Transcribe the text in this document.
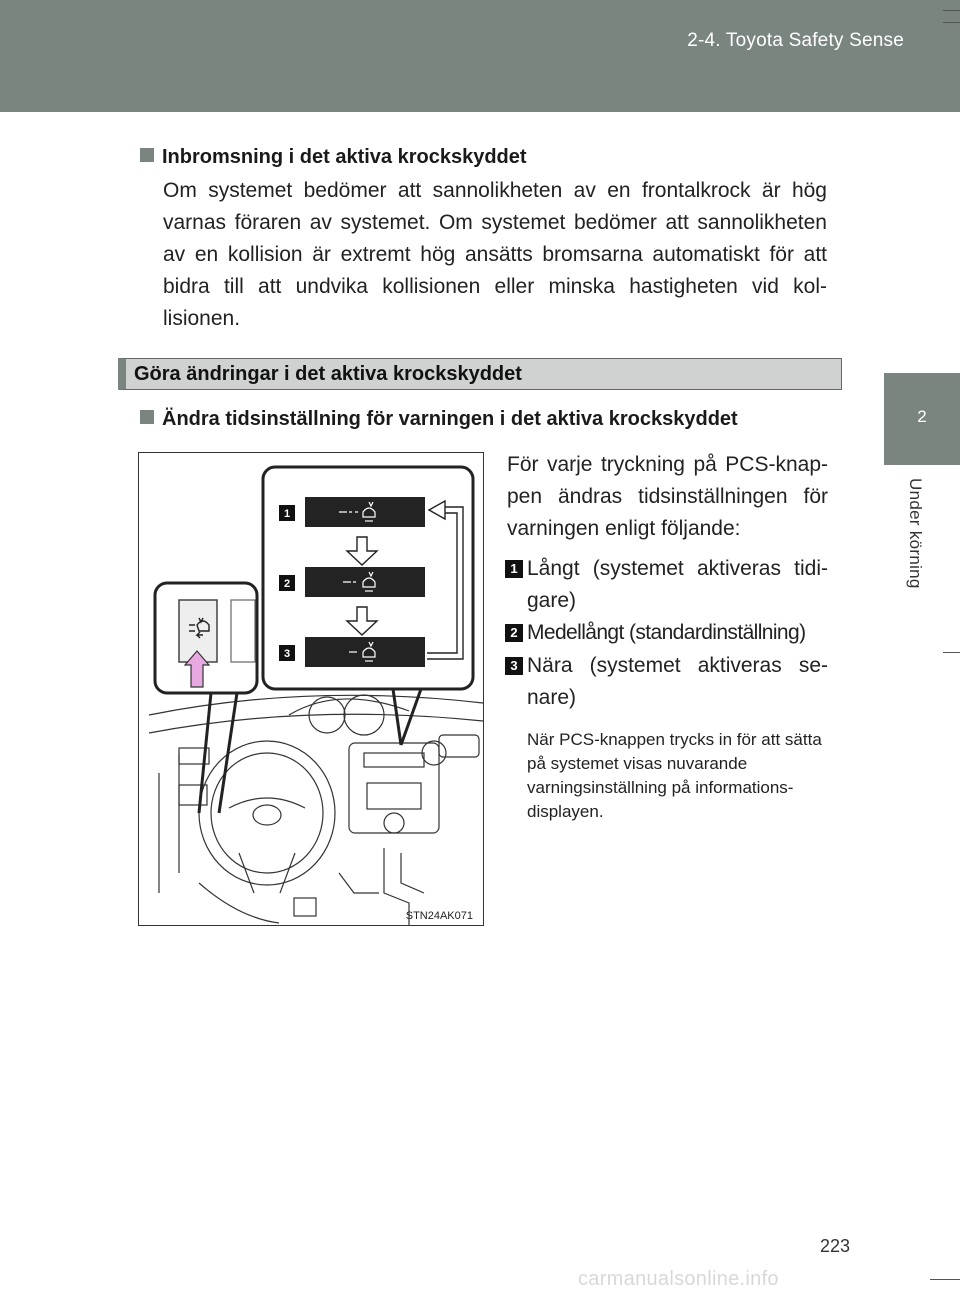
2-4. Toyota Safety Sense
2
Under körning
Inbromsning i det aktiva krockskyddet
Om systemet bedömer att sannolikheten av en frontalkrock är hög varnas föraren av systemet. Om systemet bedömer att sannolikheten av en kollision är extremt hög ansätts bromsarna automatiskt för att bidra till att undvika kollisionen eller minska hastigheten vid kol-lisionen.
Göra ändringar i det aktiva krockskyddet
Ändra tidsinställning för varningen i det aktiva krockskyddet
För varje tryckning på PCS-knap-pen ändras tidsinställningen för varningen enligt följande:
1 Långt (systemet aktiveras tidi-gare)
2 Medellångt (standardinställning)
3 Nära (systemet aktiveras se-nare)
När PCS-knappen trycks in för att sätta på systemet visas nuvarande varningsinställning på informations-displayen.
1
2
3
STN24AK071
223
carmanualsonline.info
